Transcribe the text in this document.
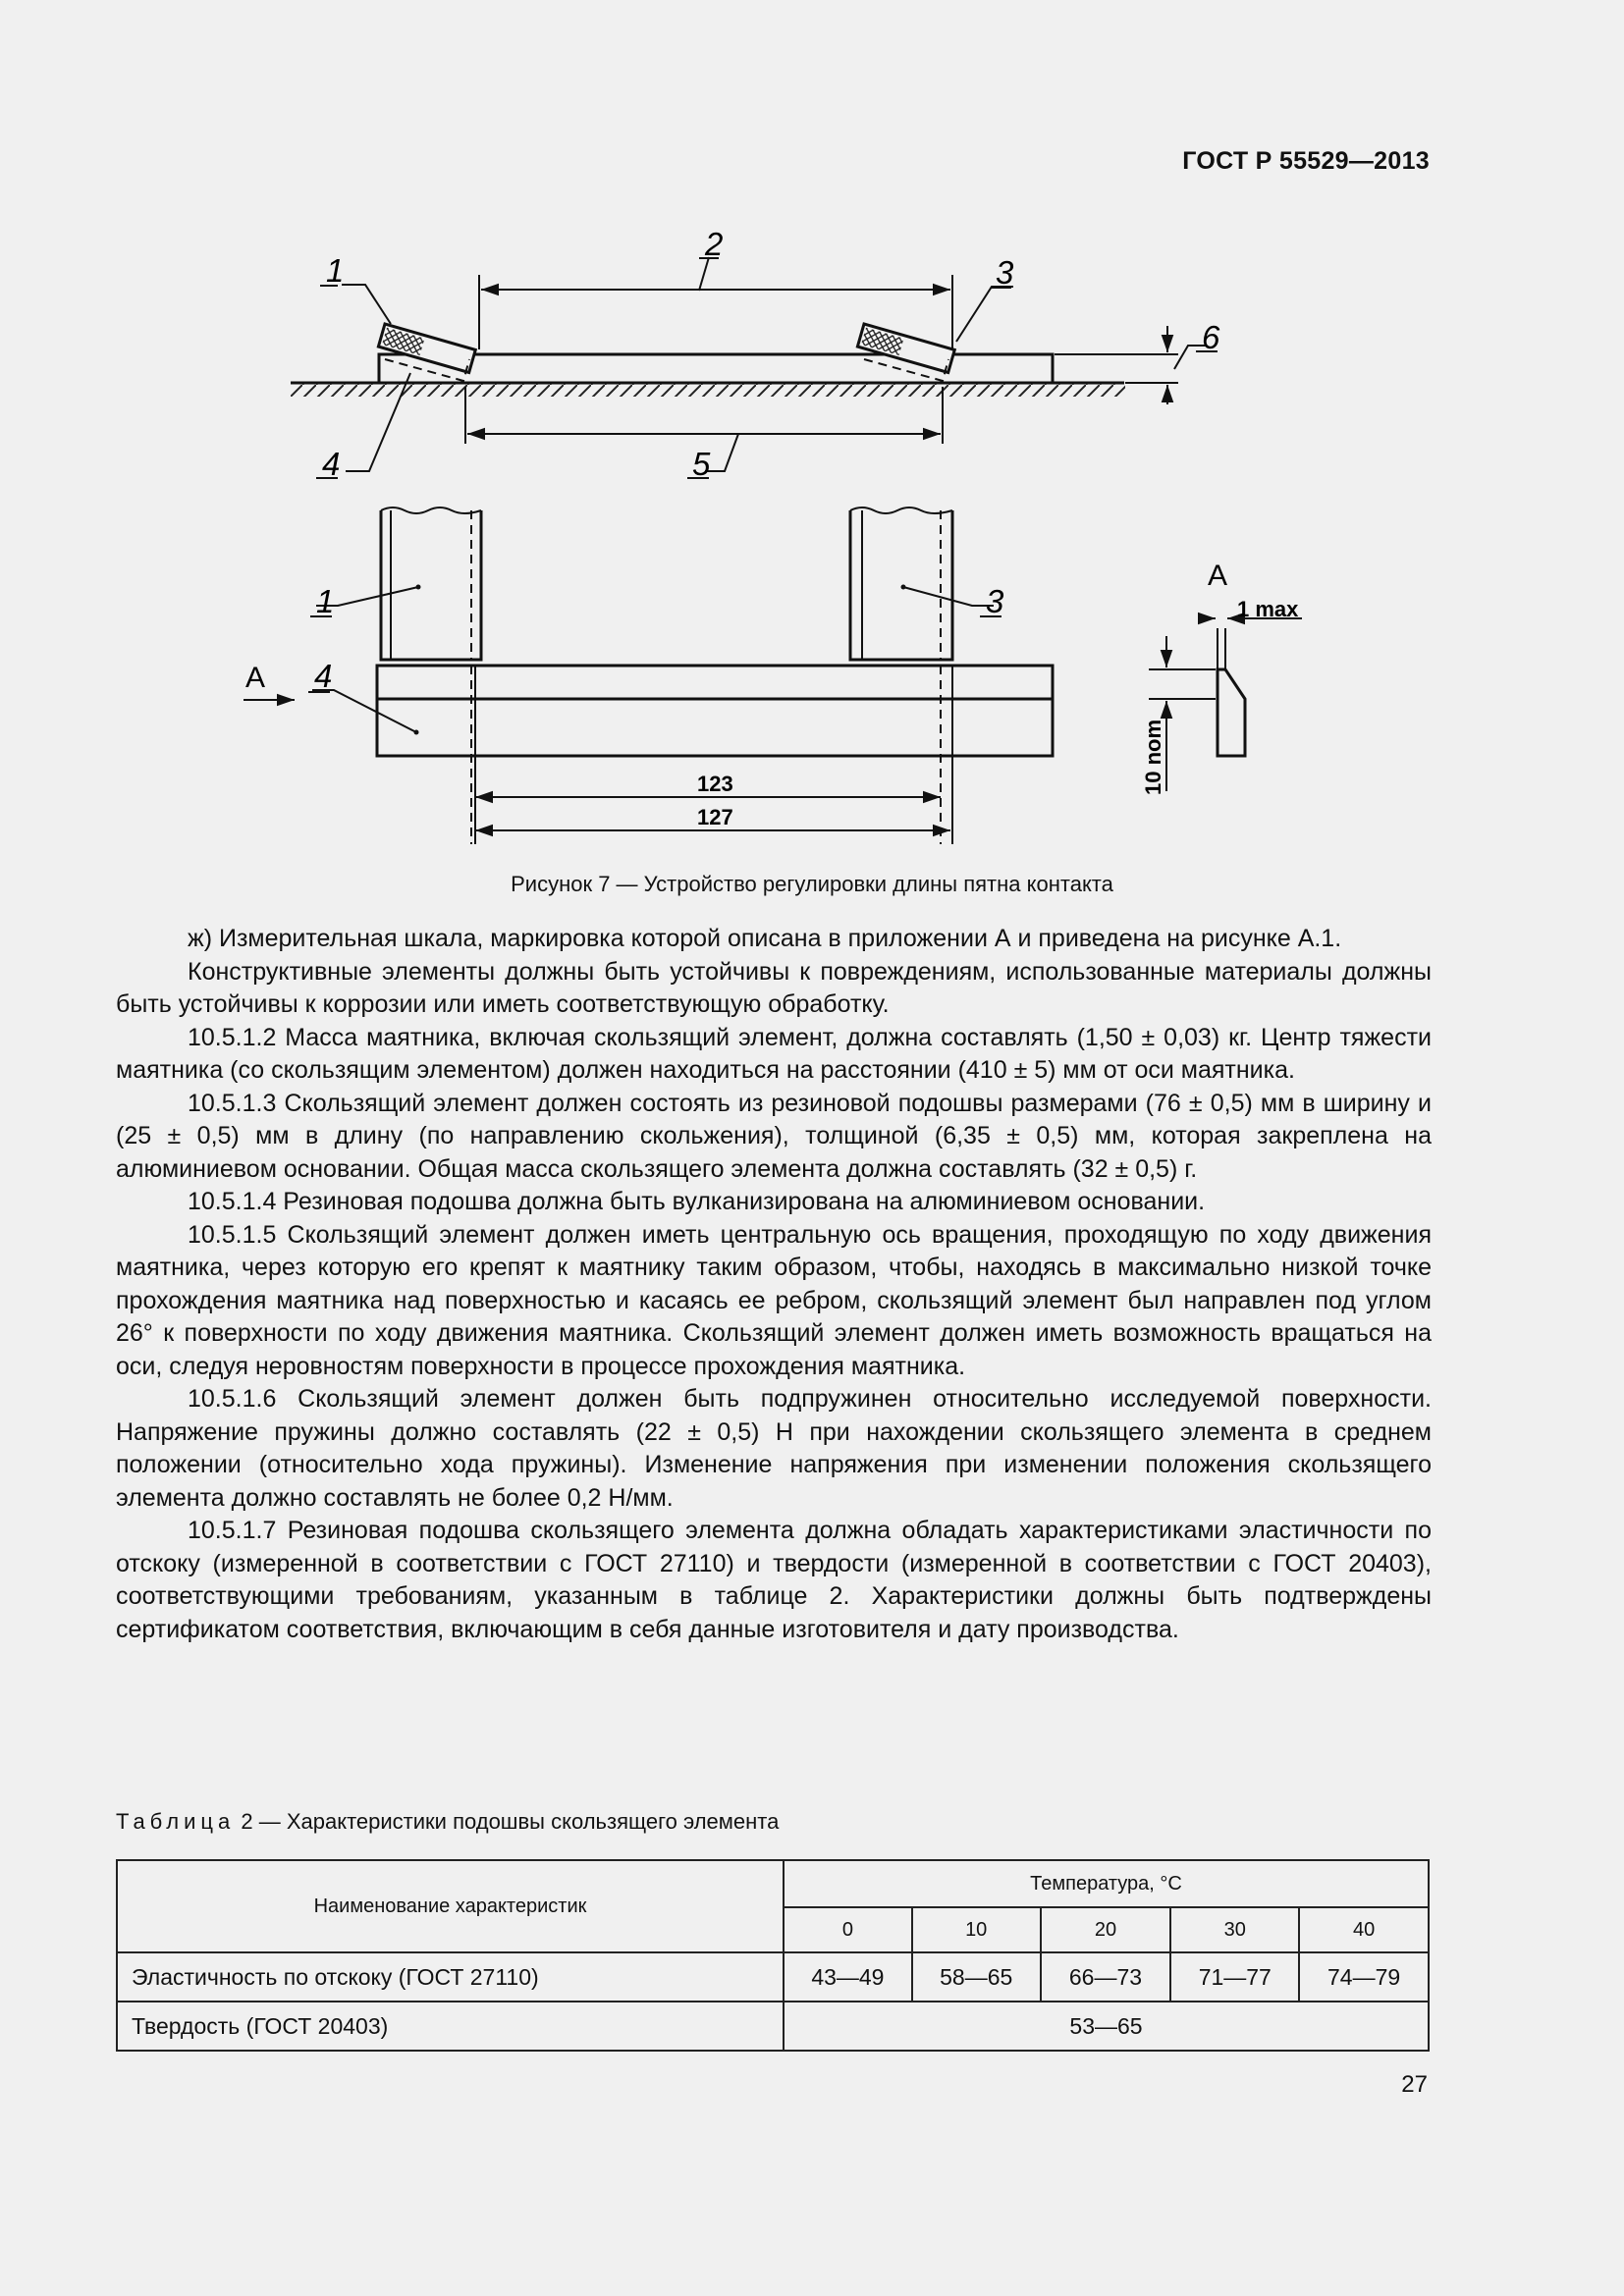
ГОСТ Р 55529—2013
1
2
3
4	5
6
123
127
A
1	3
4
A
1 max
10 nom
Рисунок 7 — Устройство регулировки длины пятна контакта

ж) Измерительная шкала, маркировка которой описана в приложении А и приведена на рисунке А.1.

Конструктивные элементы должны быть устойчивы к повреждениям, использованные материалы должны быть устойчивы к коррозии или иметь соответствующую обработку.

10.5.1.2 Масса маятника, включая скользящий элемент, должна составлять (1,50 ± 0,03) кг. Центр тяжести маятника (со скользящим элементом) должен находиться на расстоянии (410 ± 5) мм от оси маятника.

10.5.1.3 Скользящий элемент должен состоять из резиновой подошвы размерами (76 ± 0,5) мм в ширину и (25 ± 0,5) мм в длину (по направлению скольжения), толщиной (6,35 ± 0,5) мм, которая закреплена на алюминиевом основании. Общая масса скользящего элемента должна составлять (32 ± 0,5) г.

10.5.1.4 Резиновая подошва должна быть вулканизирована на алюминиевом основании.

10.5.1.5 Скользящий элемент должен иметь центральную ось вращения, проходящую по ходу движения маятника, через которую его крепят к маятнику таким образом, чтобы, находясь в максимально низкой точке прохождения маятника над поверхностью и касаясь ее ребром, скользящий элемент был направлен под углом 26° к поверхности по ходу движения маятника. Скользящий элемент должен иметь возможность вращаться на оси, следуя неровностям поверхности в процессе прохождения маятника.

10.5.1.6 Скользящий элемент должен быть подпружинен относительно исследуемой поверхности. Напряжение пружины должно составлять (22 ± 0,5) Н при нахождении скользящего элемента в среднем положении (относительно хода пружины). Изменение напряжения при изменении положения скользящего элемента должно составлять не более 0,2 Н/мм.

10.5.1.7 Резиновая подошва скользящего элемента должна обладать характеристиками эластичности по отскоку (измеренной в соответствии с ГОСТ 27110) и твердости (измеренной в соответствии с ГОСТ 20403), соответствующими требованиям, указанным в таблице 2. Характеристики должны быть подтверждены сертификатом соответствия, включающим в себя данные изготовителя и дату производства.

Таблица 2 — Характеристики подошвы скользящего элемента
Наименование характеристик	Температура, °С				
	0	10	20	30	40
Эластичность по отскоку (ГОСТ 27110)	43—49	58—65	66—73	71—77	74—79
Твердость (ГОСТ 20403)	53—65				
27
